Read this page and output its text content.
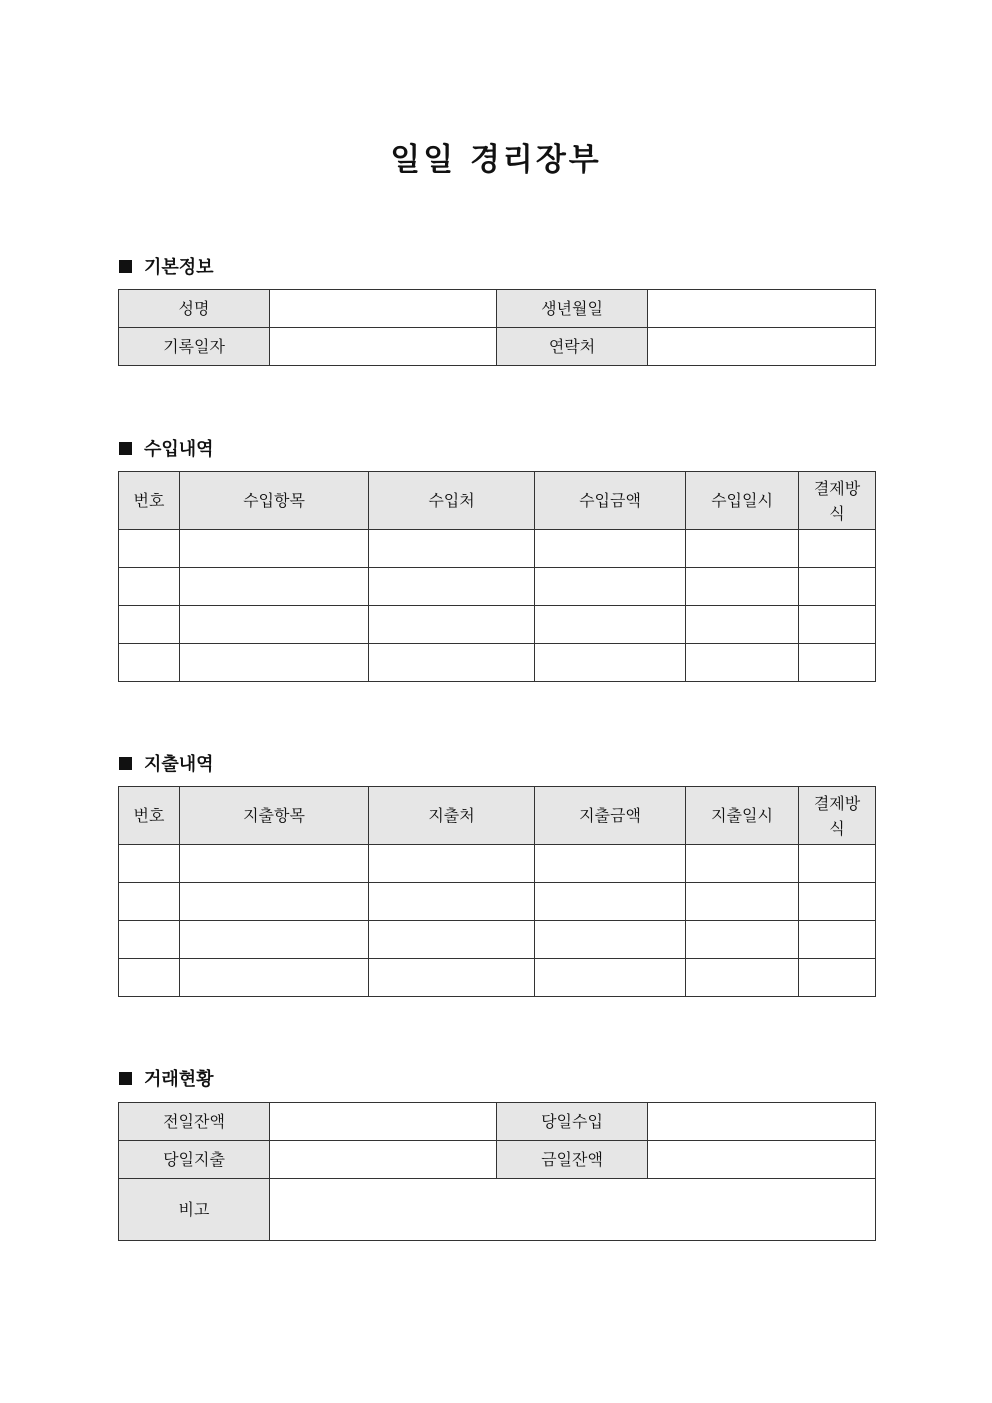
일일 경리장부
기본정보
성명		생년월일	
기록일자		연락처	
수입내역
번호	수입항목	수입처	수입금액	수입일시	결제방식

지출내역
번호	지출항목	지출처	지출금액	지출일시	결제방식

거래현황
전일잔액		당일수입	
당일지출		금일잔액	
비고			
